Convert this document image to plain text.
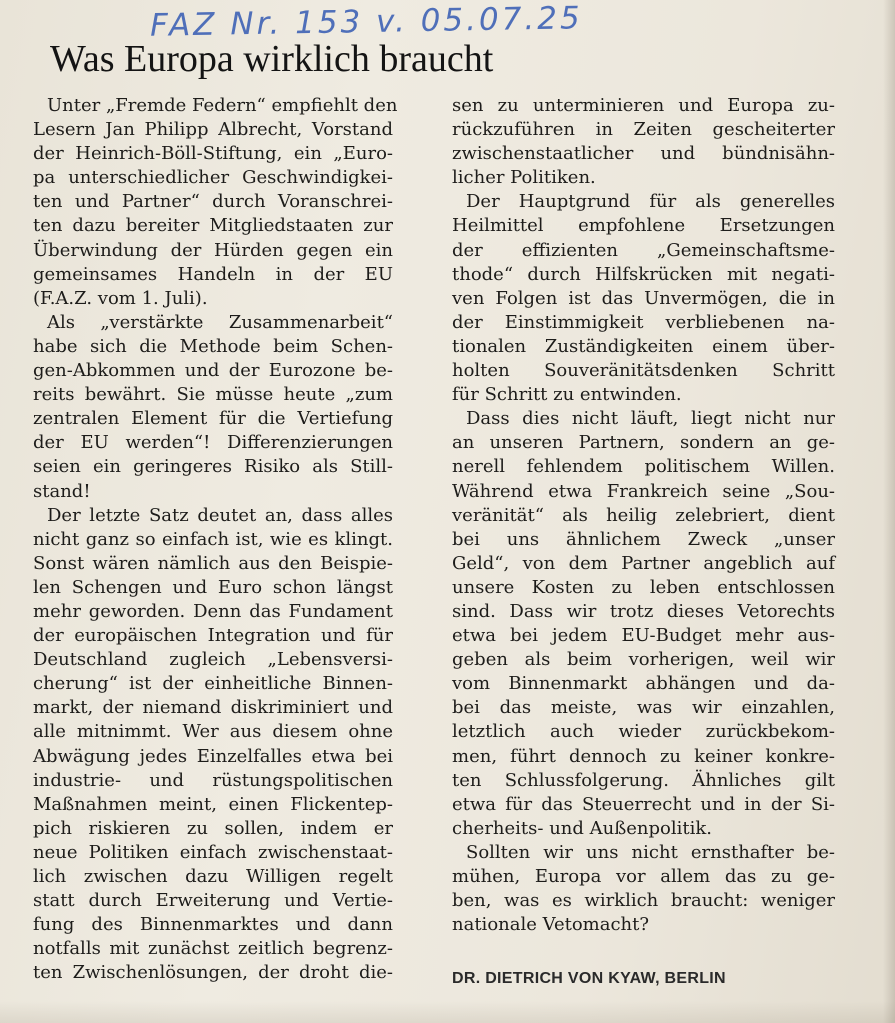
FAZ Nr. 153 v. 05.07.25
Was Europa wirklich braucht
Unter „Fremde Federn“ empfiehlt den
Lesern Jan Philipp Albrecht, Vorstand
der Heinrich-Böll-Stiftung, ein „Euro-
pa unterschiedlicher Geschwindigkei-
ten und Partner“ durch Voranschrei-
ten dazu bereiter Mitgliedstaaten zur
Überwindung der Hürden gegen ein
gemeinsames Handeln in der EU
(F.A.Z. vom 1. Juli).
Als „verstärkte Zusammenarbeit“
habe sich die Methode beim Schen-
gen-Abkommen und der Eurozone be-
reits bewährt. Sie müsse heute „zum
zentralen Element für die Vertiefung
der EU werden“! Differenzierungen
seien ein geringeres Risiko als Still-
stand!
Der letzte Satz deutet an, dass alles
nicht ganz so einfach ist, wie es klingt.
Sonst wären nämlich aus den Beispie-
len Schengen und Euro schon längst
mehr geworden. Denn das Fundament
der europäischen Integration und für
Deutschland zugleich „Lebensversi-
cherung“ ist der einheitliche Binnen-
markt, der niemand diskriminiert und
alle mitnimmt. Wer aus diesem ohne
Abwägung jedes Einzelfalles etwa bei
industrie- und rüstungspolitischen
Maßnahmen meint, einen Flickentep-
pich riskieren zu sollen, indem er
neue Politiken einfach zwischenstaat-
lich zwischen dazu Willigen regelt
statt durch Erweiterung und Vertie-
fung des Binnenmarktes und dann
notfalls mit zunächst zeitlich begrenz-
ten Zwischenlösungen, der droht die-
sen zu unterminieren und Europa zu-
rückzuführen in Zeiten gescheiterter
zwischenstaatlicher und bündnisähn-
licher Politiken.
Der Hauptgrund für als generelles
Heilmittel empfohlene Ersetzungen
der effizienten „Gemeinschaftsme-
thode“ durch Hilfskrücken mit negati-
ven Folgen ist das Unvermögen, die in
der Einstimmigkeit verbliebenen na-
tionalen Zuständigkeiten einem über-
holten Souveränitätsdenken Schritt
für Schritt zu entwinden.
Dass dies nicht läuft, liegt nicht nur
an unseren Partnern, sondern an ge-
nerell fehlendem politischem Willen.
Während etwa Frankreich seine „Sou-
veränität“ als heilig zelebriert, dient
bei uns ähnlichem Zweck „unser
Geld“, von dem Partner angeblich auf
unsere Kosten zu leben entschlossen
sind. Dass wir trotz dieses Vetorechts
etwa bei jedem EU-Budget mehr aus-
geben als beim vorherigen, weil wir
vom Binnenmarkt abhängen und da-
bei das meiste, was wir einzahlen,
letztlich auch wieder zurückbekom-
men, führt dennoch zu keiner konkre-
ten Schlussfolgerung. Ähnliches gilt
etwa für das Steuerrecht und in der Si-
cherheits- und Außenpolitik.
Sollten wir uns nicht ernsthafter be-
mühen, Europa vor allem das zu ge-
ben, was es wirklich braucht: weniger
nationale Vetomacht?
DR. DIETRICH VON KYAW, BERLIN
